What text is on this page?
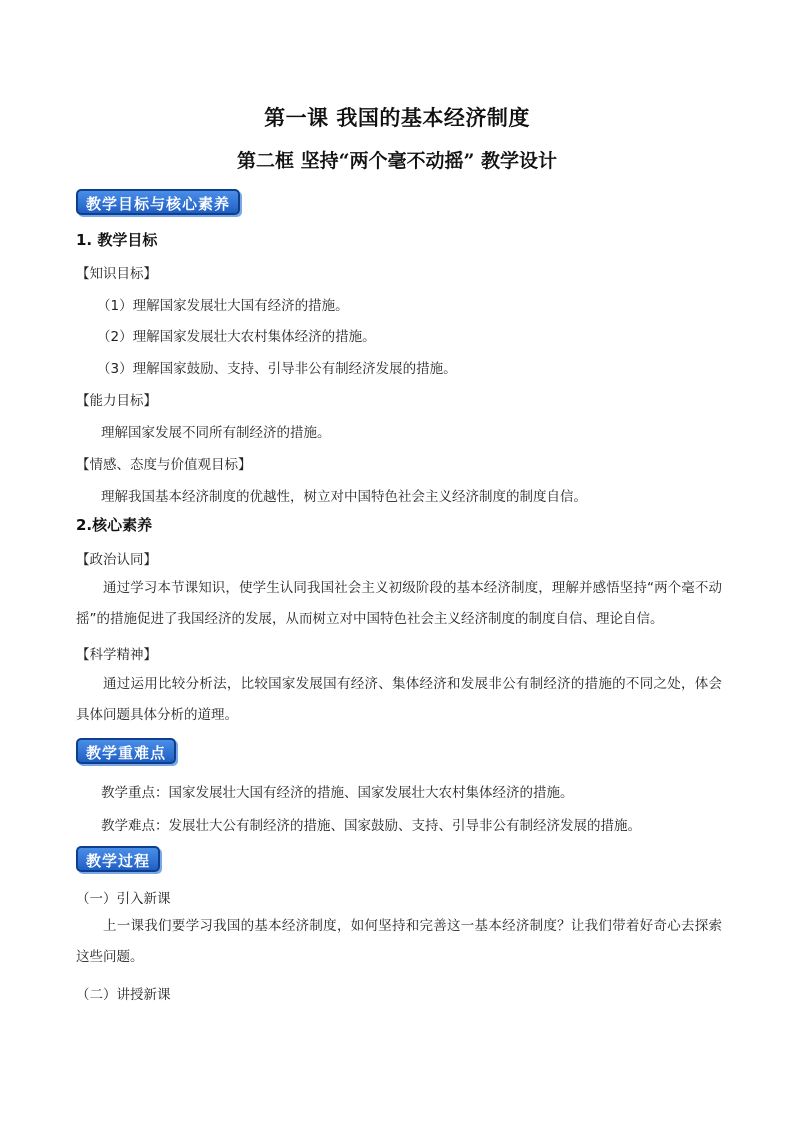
第一课 我国的基本经济制度
第二框 坚持“两个毫不动摇” 教学设计
教学目标与核心素养
1. 教学目标
【知识目标】
（1）理解国家发展壮大国有经济的措施。
（2）理解国家发展壮大农村集体经济的措施。
（3）理解国家鼓励、支持、引导非公有制经济发展的措施。
【能力目标】
理解国家发展不同所有制经济的措施。
【情感、态度与价值观目标】
理解我国基本经济制度的优越性，树立对中国特色社会主义经济制度的制度自信。
2.核心素养
【政治认同】
通过学习本节课知识，使学生认同我国社会主义初级阶段的基本经济制度，理解并感悟坚持“两个毫不动摇”的措施促进了我国经济的发展，从而树立对中国特色社会主义经济制度的制度自信、理论自信。
【科学精神】
通过运用比较分析法，比较国家发展国有经济、集体经济和发展非公有制经济的措施的不同之处，体会具体问题具体分析的道理。
教学重难点
教学重点：国家发展壮大国有经济的措施、国家发展壮大农村集体经济的措施。
教学难点：发展壮大公有制经济的措施、国家鼓励、支持、引导非公有制经济发展的措施。
教学过程
（一）引入新课
上一课我们要学习我国的基本经济制度，如何坚持和完善这一基本经济制度？让我们带着好奇心去探索这些问题。
（二）讲授新课
